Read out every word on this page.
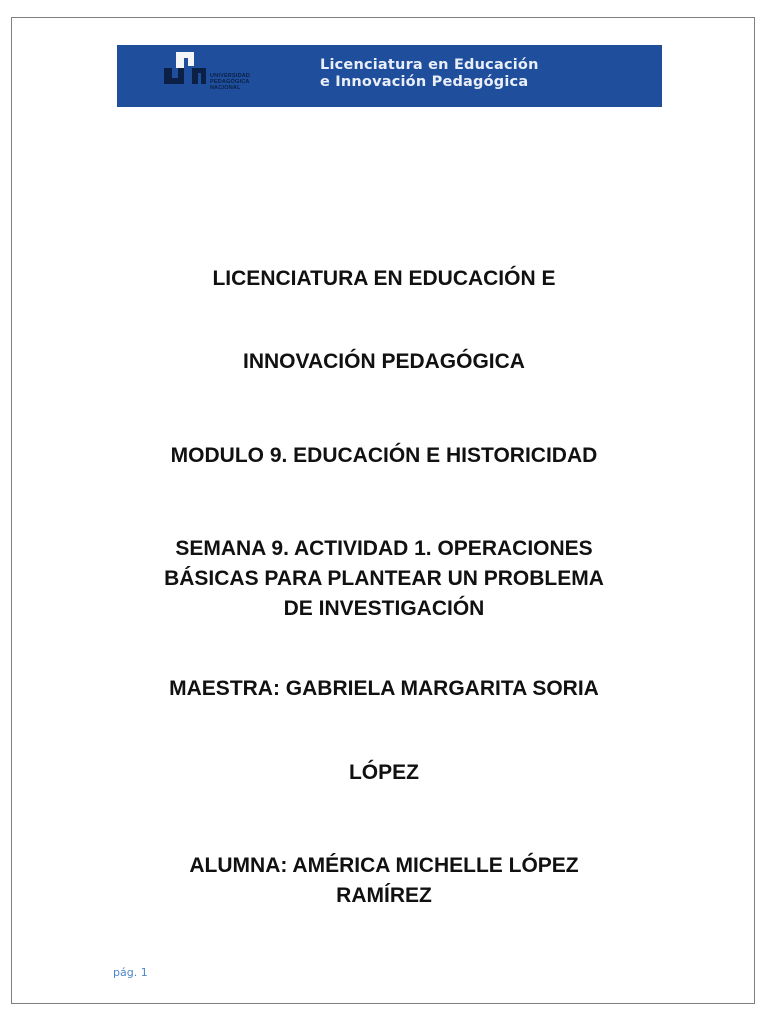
UNIVERSIDAD
PEDAGÓGICA
NACIONAL
Licenciatura en Educación
e Innovación Pedagógica
LICENCIATURA EN EDUCACIÓN E
INNOVACIÓN PEDAGÓGICA
MODULO 9. EDUCACIÓN E HISTORICIDAD
SEMANA 9. ACTIVIDAD 1. OPERACIONES
BÁSICAS PARA PLANTEAR UN PROBLEMA
DE INVESTIGACIÓN
MAESTRA: GABRIELA MARGARITA SORIA
LÓPEZ
ALUMNA: AMÉRICA MICHELLE LÓPEZ
RAMÍREZ
pág. 1
